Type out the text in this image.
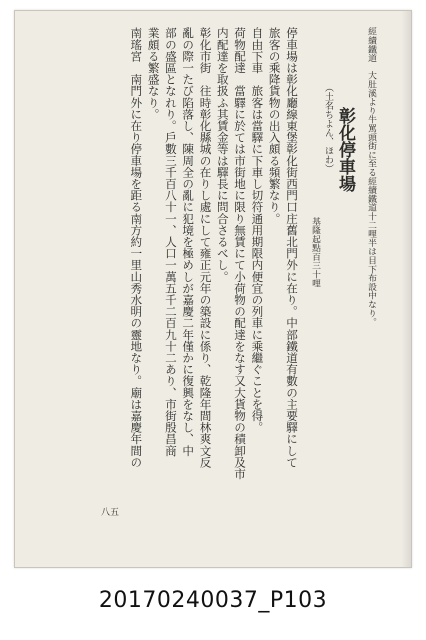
經續鐵道　大肚溪より牛罵頭街に至る經續鐵道十二哩半は目下布設中なり。
彰化停車場
（土名ちよん、ほわ）
基隆起點百三十哩
停車場は彰化廳線東堡彰化街西門口庄舊北門外に在り。中部鐵道有數の主要驛にして
旅客の乘降貨物の出入頗る頻繁なり。
自由下車　旅客は當驛に下車し切符通用期限内便宜の列車に乘繼ぐことを得。
荷物配達　當驛に於ては市街地に限り無賃にて小荷物の配達をなす又大貨物の積卸及市
内配達を取扱ふ其賃金等は驛長に問合さるべし。
彰化市街　往時彰化縣城の在りし處にして雍正元年の築設に係り、乾隆年間林爽文反
亂の際一たび陷落し、陳周全の亂に犯境を極めしが嘉慶二年僅かに復興をなし、中
部の盛區となれり。戶數三千百八十一、人口一萬五千二百九十二あり、市街殷昌商
業頗る繁盛なり。
南瑤宮　南門外に在り停車場を距る南方約一里山秀水明の靈地なり。廟は嘉慶年間の
八五
20170240037_P103
